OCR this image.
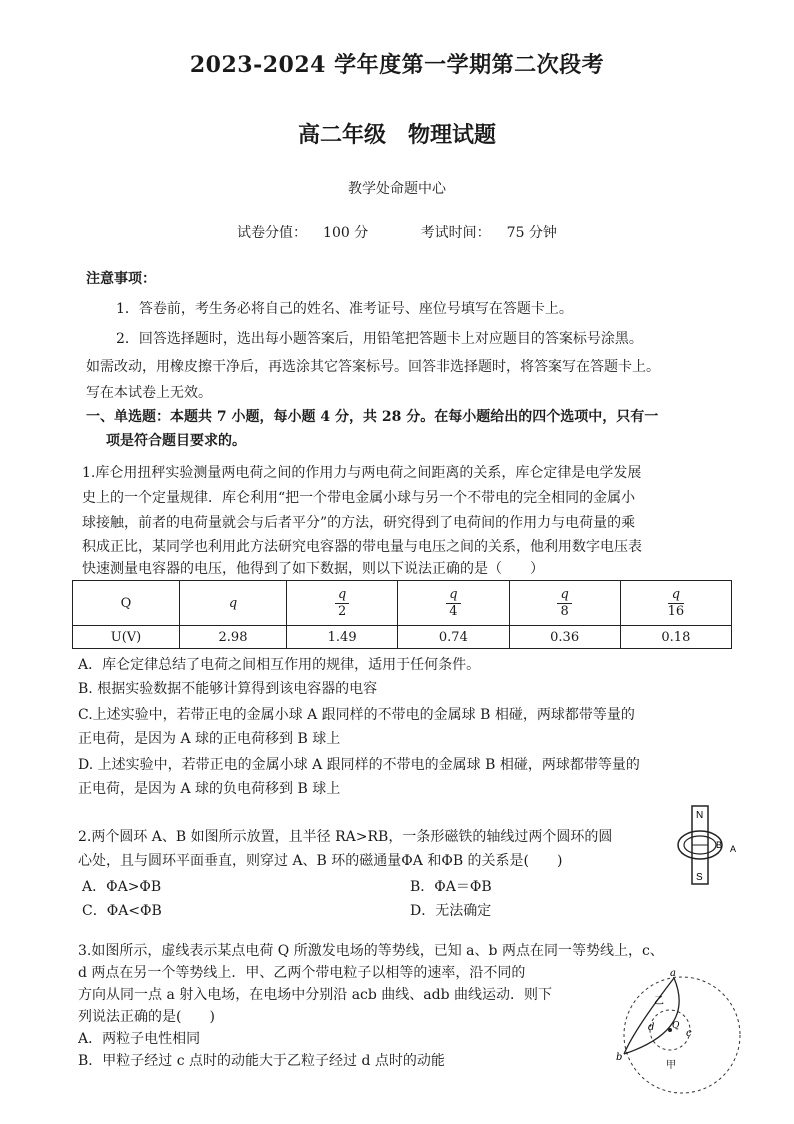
2023-2024 学年度第一学期第二次段考
高二年级　物理试题
教学处命题中心
试卷分值： 100 分	考试时间： 75 分钟
注意事项：
1．答卷前，考生务必将自己的姓名、准考证号、座位号填写在答题卡上。
2．回答选择题时，选出每小题答案后，用铅笔把答题卡上对应题目的答案标号涂黑。
如需改动，用橡皮擦干净后，再选涂其它答案标号。回答非选择题时，将答案写在答题卡上。
写在本试卷上无效。
一、单选题：本题共 7 小题，每小题 4 分，共 28 分。在每小题给出的四个选项中，只有一
项是符合题目要求的。
1.库仑用扭秤实验测量两电荷之间的作用力与两电荷之间距离的关系，库仑定律是电学发展
史上的一个定量规律．库仑利用“把一个带电金属小球与另一个不带电的完全相同的金属小
球接触，前者的电荷量就会与后者平分”的方法，研究得到了电荷间的作用力与电荷量的乘
积成正比，某同学也利用此方法研究电容器的带电量与电压之间的关系，他利用数字电压表
快速测量电容器的电压，他得到了如下数据，则以下说法正确的是（　　）
Q	q	$\frac{q}{2}$	$\frac{q}{4}$	$\frac{q}{8}$	$\frac{q}{16}$

U(V)	2.98	1.49	0.74	0.36	0.18
A．库仑定律总结了电荷之间相互作用的规律，适用于任何条件。
B. 根据实验数据不能够计算得到该电容器的电容
C.上述实验中，若带正电的金属小球 A 跟同样的不带电的金属球 B 相碰，两球都带等量的
正电荷，是因为 A 球的正电荷移到 B 球上
D. 上述实验中，若带正电的金属小球 A 跟同样的不带电的金属球 B 相碰，两球都带等量的
正电荷，是因为 A 球的负电荷移到 B 球上
2.两个圆环 A、B 如图所示放置，且半径 RA>RB，一条形磁铁的轴线过两个圆环的圆
心处，且与圆环平面垂直，则穿过 A、B 环的磁通量ΦA 和ΦB 的关系是(　　)
A．ΦA>ΦB	B．ΦA＝ΦB
C．ΦA<ΦB	D．无法确定
N
S
B A
3.如图所示，虚线表示某点电荷 Q 所激发电场的等势线，已知 a、b 两点在同一等势线上，c、
d 两点在另一个等势线上．甲、乙两个带电粒子以相等的速率，沿不同的
方向从同一点 a 射入电场，在电场中分别沿 acb 曲线、adb 曲线运动．则下
列说法正确的是(　　)
A．两粒子电性相同
B．甲粒子经过 c 点时的动能大于乙粒子经过 d 点时的动能
a
b
c
d Q
乙
甲
